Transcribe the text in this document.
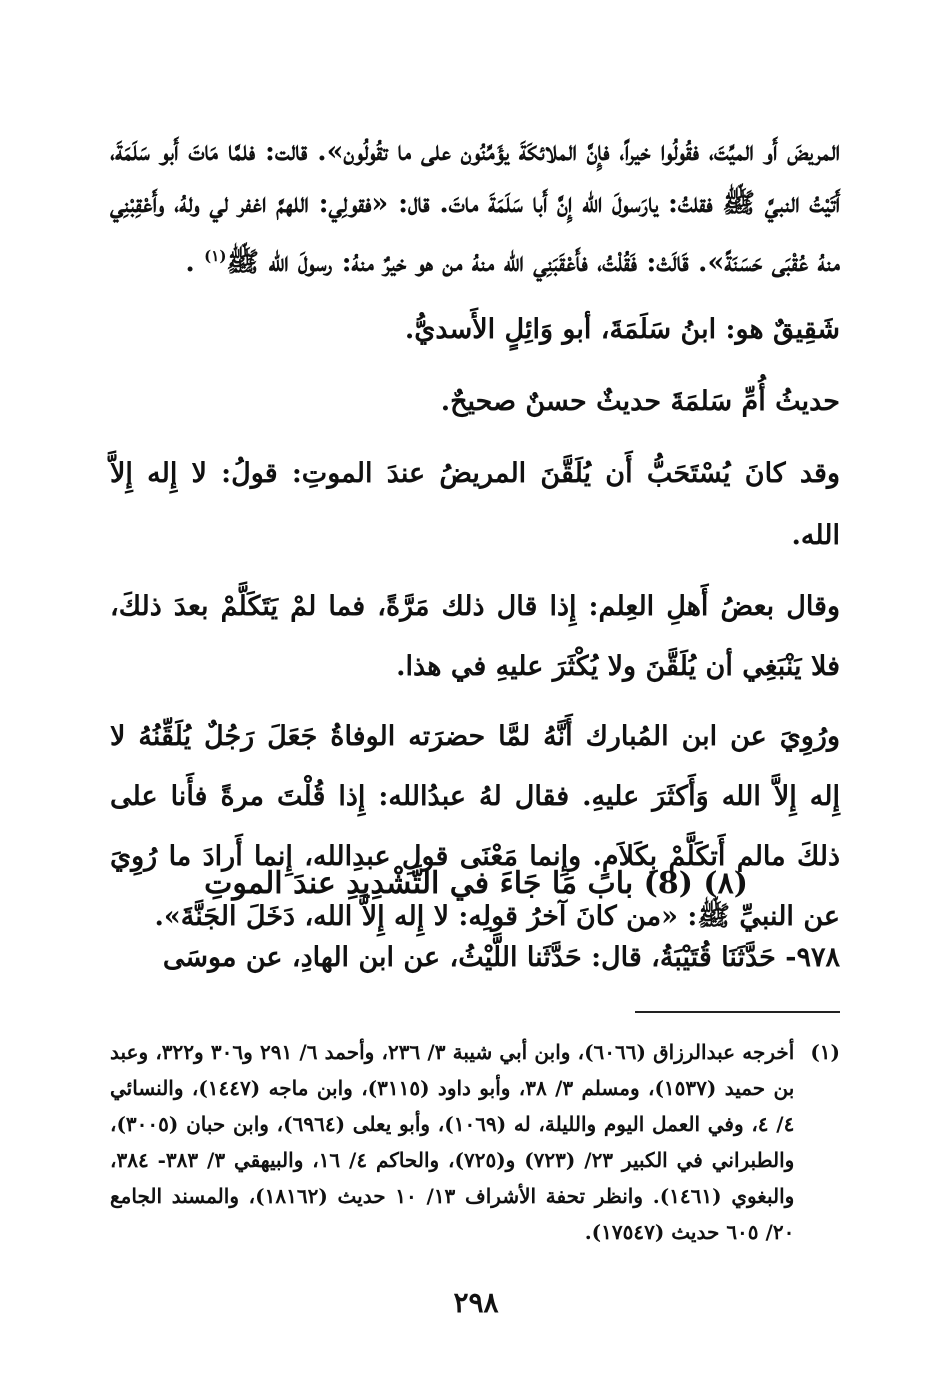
المريضَ أَو الميِّتَ، فقُولُوا خيراً، فإِنَّ الملائكَةَ يؤَمِّنُون على ما تقُولُون». قالت: فلمَّا مَاتَ أَبو سَلَمَةَ، أَتَيْتُ النبيَّ ﷺ فقلتُ: يارَسولَ الله إِنَّ أَبا سَلَمَةَ ماتَ. قال: «فقولِي: اللهمَّ اغفر لي ولهُ، وأَعْقِبْنِي منهُ عُقْبَى حَسَنَةً». قَالَتْ: فَقُلْتُ، فأَعْقَبَنِي الله منهُ من هو خيرٌ منهُ: رسولَ الله ﷺ$^{(١)}$ .

شَقِيقٌ هو: ابنُ سَلَمَةَ، أبو وَائِلٍ الأَسديُّ.

حديثُ أُمِّ سَلمَةَ حديثٌ حسنٌ صحيحٌ.

وقد كانَ يُسْتَحَبُّ أَن يُلَقَّنَ المريضُ عندَ الموتِ: قولُ: لا إِله إِلاَّ الله.

وقال بعضُ أَهلِ العِلم: إِذا قال ذلك مَرَّةً، فما لمْ يَتَكَلَّمْ بعدَ ذلكَ، فلا يَنْبَغِي أن يُلَقَّنَ ولا يُكْثَرَ عليهِ في هذا.

ورُوِيَ عن ابن المُبارك أَنَّهُ لمَّا حضرَته الوفاةُ جَعَلَ رَجُلٌ يُلَقِّنُهُ لا إِله إِلاَّ الله وَأَكثَرَ عليهِ. فقال لهُ عبدُالله: إِذا قُلْتَ مرةً فأَنا على ذلكَ مالم أَتكَلَّمْ بِكَلاَمٍ. وإِنما مَعْنَى قولِ عبدِالله، إِنما أَرادَ ما رُوِيَ عن النبيِّ ﷺ: «من كانَ آخرُ قولِه: لا إِله إِلاَّ الله، دَخَلَ الجَنَّةَ».

(٨) (8) باب مَا جَاءَ في التَّشْدِيدِ عندَ الموتِ
٩٧٨- حَدَّثَنَا قُتَيْبَةُ، قال: حَدَّثَنا اللَّيْثُ، عن ابن الهادِ، عن موسَى
(١)
أخرجه عبدالرزاق (٦٠٦٦)، وابن أبي شيبة ٣/ ٢٣٦، وأحمد ٦/ ٢٩١ و٣٠٦ و٣٢٢، وعبد بن حميد (١٥٣٧)، ومسلم ٣/ ٣٨، وأبو داود (٣١١٥)، وابن ماجه (١٤٤٧)، والنسائي ٤/ ٤، وفي العمل اليوم والليلة، له (١٠٦٩)، وأبو يعلى (٦٩٦٤)، وابن حبان (٣٠٠٥)، والطبراني في الكبير ٢٣/ (٧٢٣) و(٧٢٥)، والحاكم ٤/ ١٦، والبيهقي ٣/ ٣٨٣- ٣٨٤، والبغوي (١٤٦١). وانظر تحفة الأشراف ١٣/ ١٠ حديث (١٨١٦٢)، والمسند الجامع ٢٠/ ٦٠٥ حديث (١٧٥٤٧).
٢٩٨
